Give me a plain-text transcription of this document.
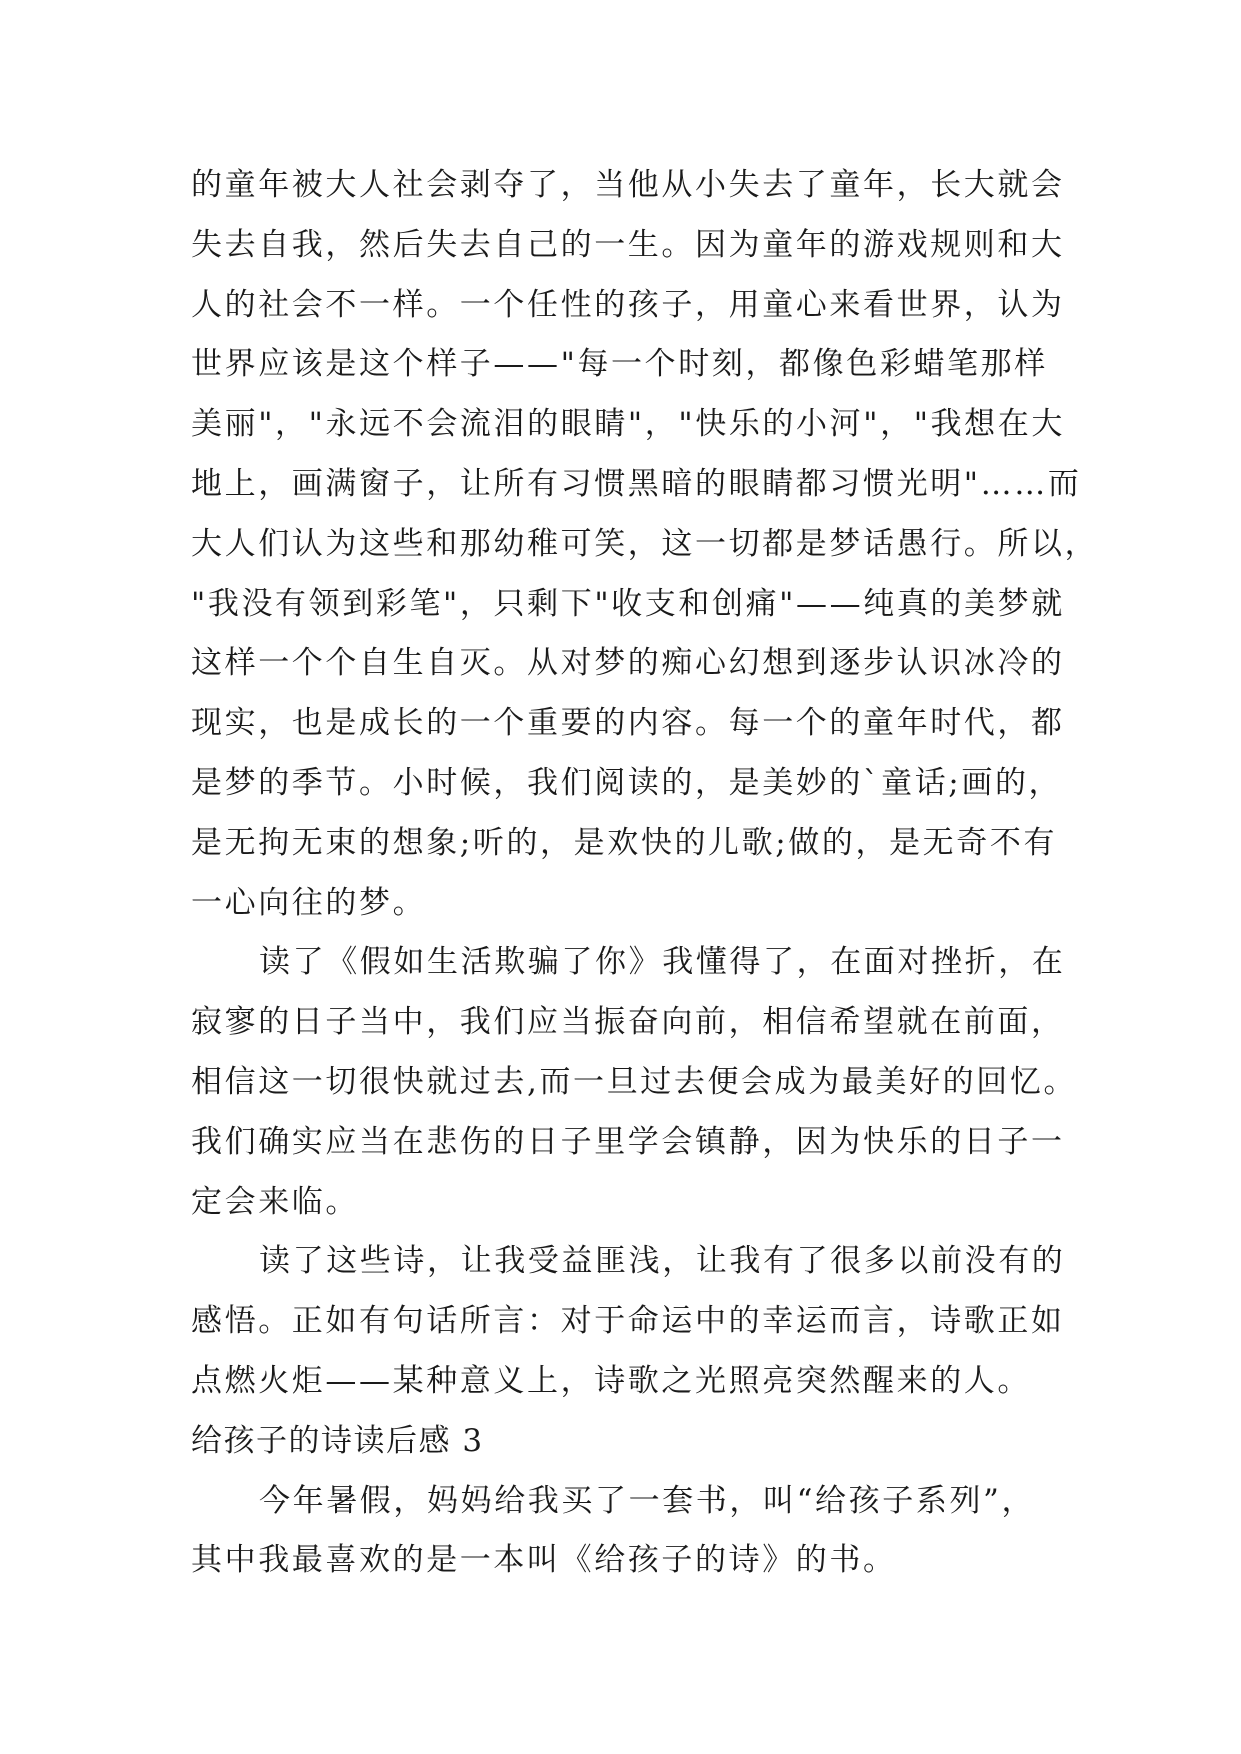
的童年被大人社会剥夺了，当他从小失去了童年，长大就会
失去自我，然后失去自己的一生。因为童年的游戏规则和大
人的社会不一样。一个任性的孩子，用童心来看世界，认为
世界应该是这个样子——"每一个时刻，都像色彩蜡笔那样
美丽"，"永远不会流泪的眼睛"，"快乐的小河"，"我想在大
地上，画满窗子，让所有习惯黑暗的眼睛都习惯光明"……而
大人们认为这些和那幼稚可笑，这一切都是梦话愚行。所以，
"我没有领到彩笔"，只剩下"收支和创痛"——纯真的美梦就
这样一个个自生自灭。从对梦的痴心幻想到逐步认识冰冷的
现实，也是成长的一个重要的内容。每一个的童年时代，都
是梦的季节。小时候，我们阅读的，是美妙的`童话;画的，
是无拘无束的想象;听的，是欢快的儿歌;做的，是无奇不有
一心向往的梦。
读了《假如生活欺骗了你》我懂得了，在面对挫折，在
寂寥的日子当中，我们应当振奋向前，相信希望就在前面，
相信这一切很快就过去,而一旦过去便会成为最美好的回忆。
我们确实应当在悲伤的日子里学会镇静，因为快乐的日子一
定会来临。
读了这些诗，让我受益匪浅，让我有了很多以前没有的
感悟。正如有句话所言：对于命运中的幸运而言，诗歌正如
点燃火炬——某种意义上，诗歌之光照亮突然醒来的人。
给孩子的诗读后感 3
今年暑假，妈妈给我买了一套书，叫“给孩子系列”，
其中我最喜欢的是一本叫《给孩子的诗》的书。
